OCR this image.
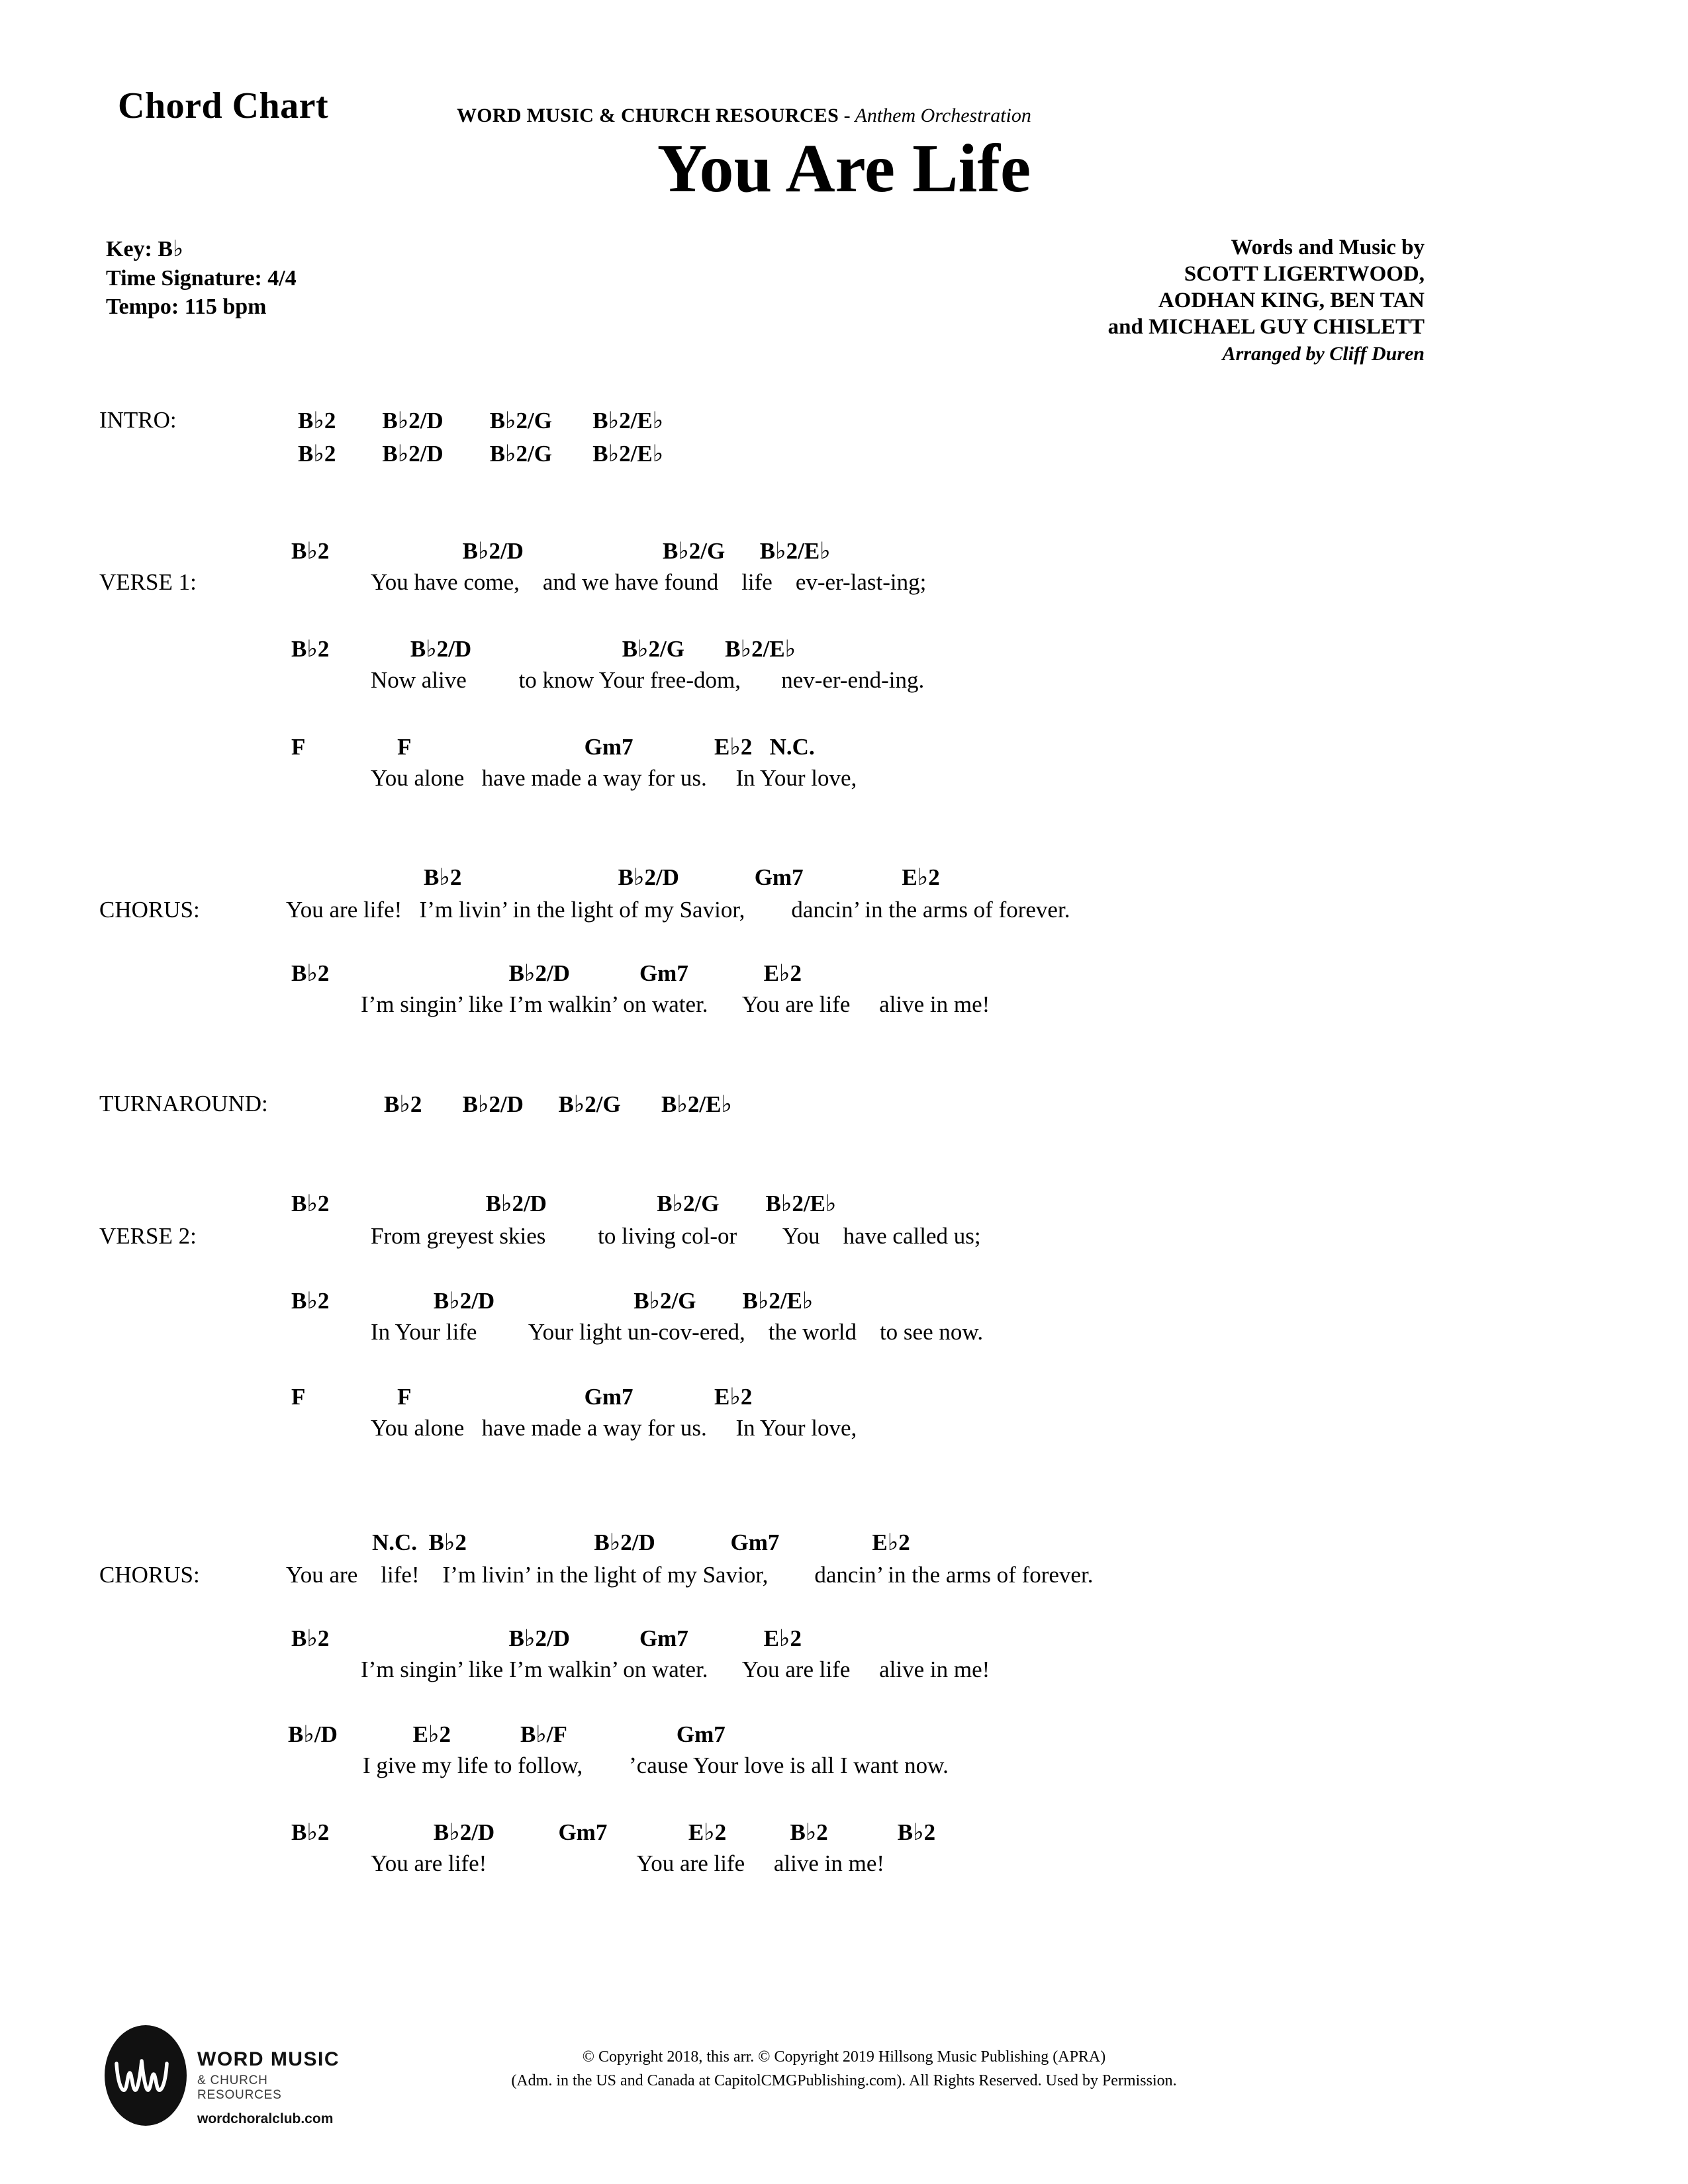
Chord Chart	WORD MUSIC & CHURCH RESOURCES - Anthem Orchestration
You Are Life
Key: B♭
Time Signature: 4/4
Tempo: 115 bpm
Words and Music by
SCOTT LIGERTWOOD,
AODHAN KING, BEN TAN
and MICHAEL GUY CHISLETT
Arranged by Cliff Duren
INTRO:	B♭2        B♭2/D        B♭2/G       B♭2/E♭
B♭2        B♭2/D        B♭2/G       B♭2/E♭
VERSE 1:
B♭2                       B♭2/D                        B♭2/G      B♭2/E♭
You have come,    and we have found    life    ev-er-last-ing;
B♭2              B♭2/D                          B♭2/G       B♭2/E♭
Now alive         to know Your free-dom,       nev-er-end-ing.
F                F                              Gm7              E♭2   N.C.
You alone   have made a way for us.     In Your love,
CHORUS:
B♭2                           B♭2/D             Gm7                 E♭2
You are life!   I’m livin’ in the light of my Savior,        dancin’ in the arms of forever.
B♭2                               B♭2/D            Gm7             E♭2
I’m singin’ like I’m walkin’ on water.      You are life     alive in me!
TURNAROUND:	B♭2       B♭2/D      B♭2/G       B♭2/E♭
VERSE 2:
B♭2                           B♭2/D                   B♭2/G        B♭2/E♭
From greyest skies         to living col-or        You    have called us;
B♭2                  B♭2/D                        B♭2/G        B♭2/E♭
In Your life         Your light un-cov-ered,    the world    to see now.
F                F                              Gm7              E♭2
You alone   have made a way for us.     In Your love,
CHORUS:
N.C.  B♭2                      B♭2/D             Gm7                E♭2
You are    life!    I’m livin’ in the light of my Savior,        dancin’ in the arms of forever.
B♭2                               B♭2/D            Gm7             E♭2
I’m singin’ like I’m walkin’ on water.      You are life     alive in me!
B♭/D             E♭2            B♭/F                   Gm7
I give my life to follow,        ’cause Your love is all I want now.
B♭2                  B♭2/D           Gm7              E♭2           B♭2            B♭2
You are life!                          You are life     alive in me!
WORD MUSIC
& CHURCH RESOURCES
wordchoralclub.com
© Copyright 2018, this arr. © Copyright 2019 Hillsong Music Publishing (APRA)
(Adm. in the US and Canada at CapitolCMGPublishing.com). All Rights Reserved. Used by Permission.
